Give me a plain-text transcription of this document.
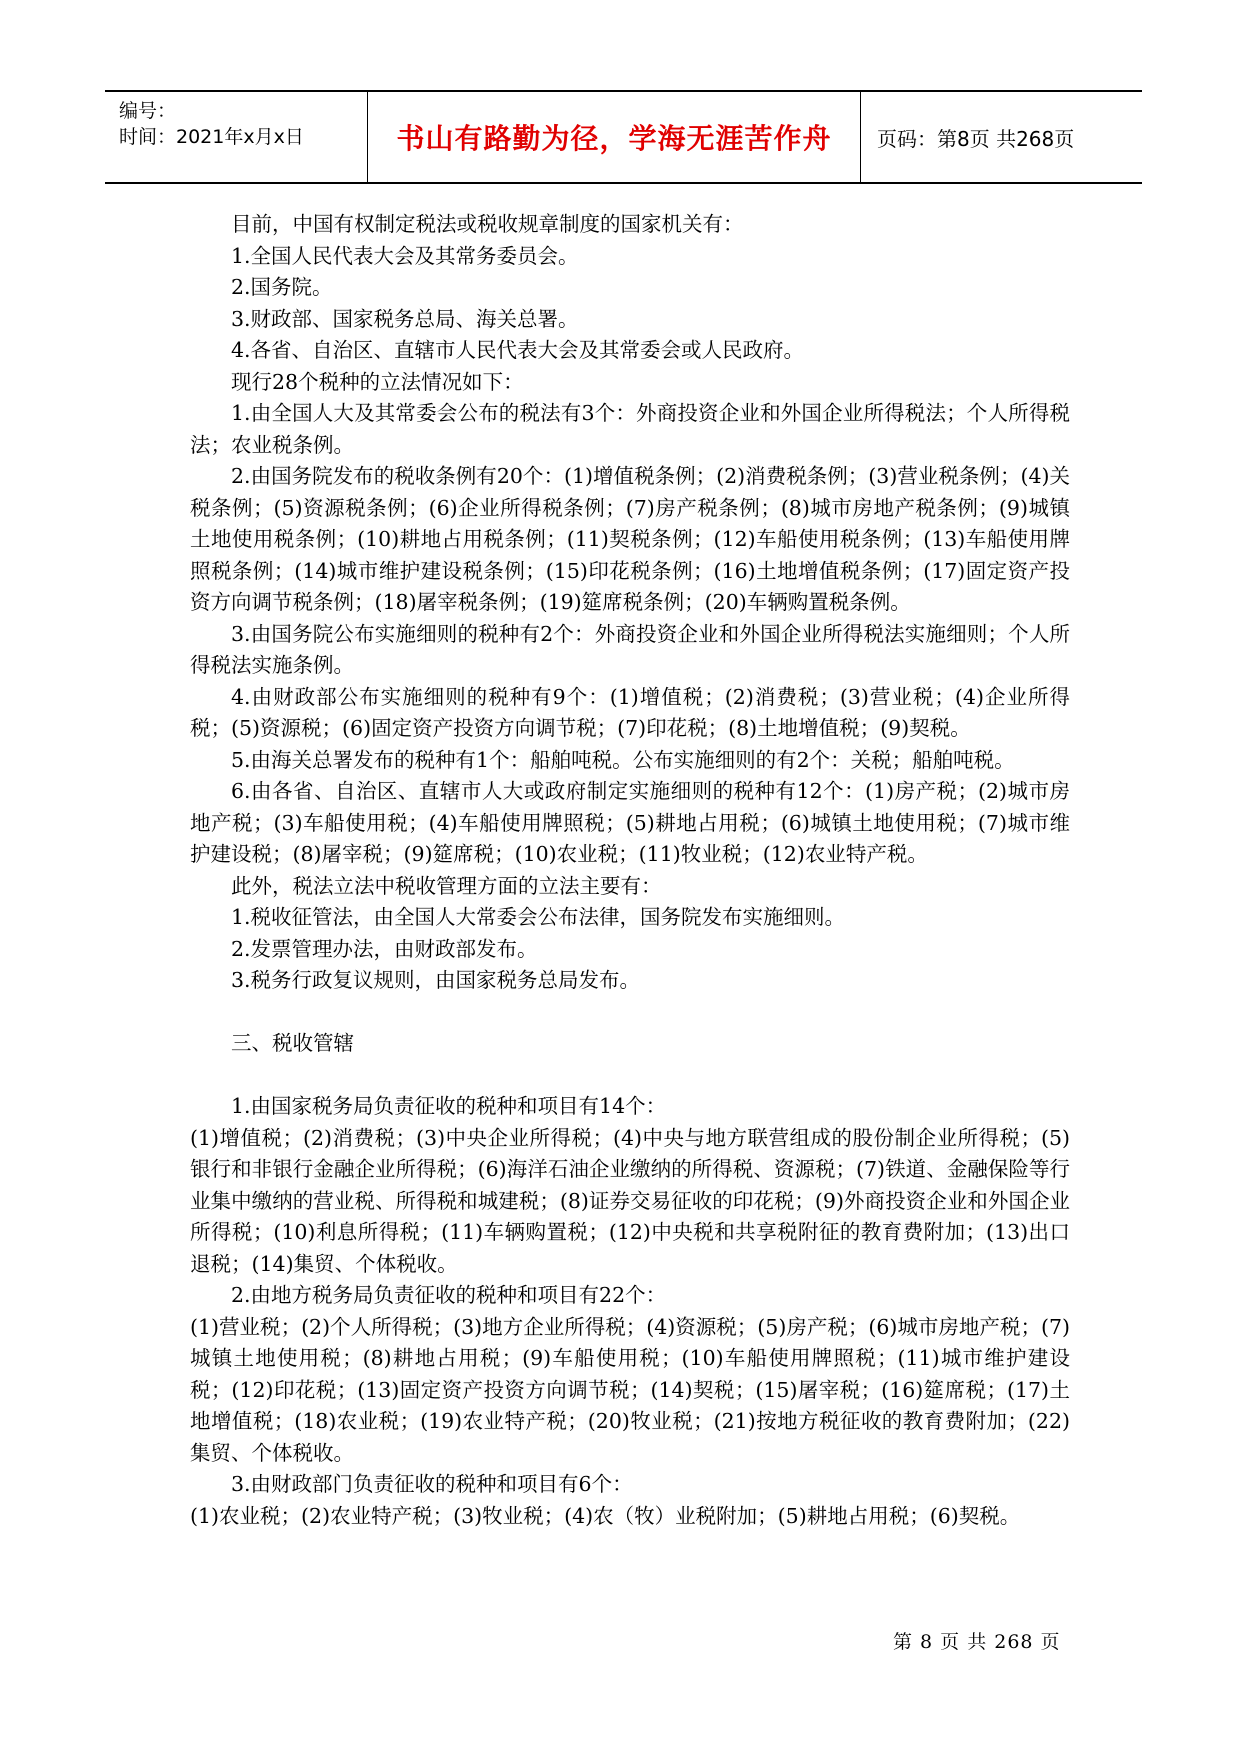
编号：
时间：2021年x月x日	书山有路勤为径，学海无涯苦作舟 页码：第8页 共268页

目前，中国有权制定税法或税收规章制度的国家机关有：

1.全国人民代表大会及其常务委员会。

2.国务院。

3.财政部、国家税务总局、海关总署。

4.各省、自治区、直辖市人民代表大会及其常委会或人民政府。

现行28个税种的立法情况如下：

1.由全国人大及其常委会公布的税法有3个：外商投资企业和外国企业所得税法；个人所得税法；农业税条例。

2.由国务院发布的税收条例有20个：(1)增值税条例；(2)消费税条例；(3)营业税条例；(4)关税条例；(5)资源税条例；(6)企业所得税条例；(7)房产税条例；(8)城市房地产税条例；(9)城镇土地使用税条例；(10)耕地占用税条例；(11)契税条例；(12)车船使用税条例；(13)车船使用牌照税条例；(14)城市维护建设税条例；(15)印花税条例；(16)土地增值税条例；(17)固定资产投资方向调节税条例；(18)屠宰税条例；(19)筵席税条例；(20)车辆购置税条例。

3.由国务院公布实施细则的税种有2个：外商投资企业和外国企业所得税法实施细则；个人所得税法实施条例。

4.由财政部公布实施细则的税种有9个：(1)增值税；(2)消费税；(3)营业税；(4)企业所得税；(5)资源税；(6)固定资产投资方向调节税；(7)印花税；(8)土地增值税；(9)契税。

5.由海关总署发布的税种有1个：船舶吨税。公布实施细则的有2个：关税；船舶吨税。

6.由各省、自治区、直辖市人大或政府制定实施细则的税种有12个：(1)房产税；(2)城市房地产税；(3)车船使用税；(4)车船使用牌照税；(5)耕地占用税；(6)城镇土地使用税；(7)城市维护建设税；(8)屠宰税；(9)筵席税；(10)农业税；(11)牧业税；(12)农业特产税。

此外，税法立法中税收管理方面的立法主要有：

1.税收征管法，由全国人大常委会公布法律，国务院发布实施细则。

2.发票管理办法，由财政部发布。

3.税务行政复议规则，由国家税务总局发布。

三、税收管辖

1.由国家税务局负责征收的税种和项目有14个：

(1)增值税；(2)消费税；(3)中央企业所得税；(4)中央与地方联营组成的股份制企业所得税；(5)银行和非银行金融企业所得税；(6)海洋石油企业缴纳的所得税、资源税；(7)铁道、金融保险等行业集中缴纳的营业税、所得税和城建税；(8)证券交易征收的印花税；(9)外商投资企业和外国企业所得税；(10)利息所得税；(11)车辆购置税；(12)中央税和共享税附征的教育费附加；(13)出口退税；(14)集贸、个体税收。

2.由地方税务局负责征收的税种和项目有22个：

(1)营业税；(2)个人所得税；(3)地方企业所得税；(4)资源税；(5)房产税；(6)城市房地产税；(7)城镇土地使用税；(8)耕地占用税；(9)车船使用税；(10)车船使用牌照税；(11)城市维护建设税；(12)印花税；(13)固定资产投资方向调节税；(14)契税；(15)屠宰税；(16)筵席税；(17)土地增值税；(18)农业税；(19)农业特产税；(20)牧业税；(21)按地方税征收的教育费附加；(22)集贸、个体税收。

3.由财政部门负责征收的税种和项目有6个：

(1)农业税；(2)农业特产税；(3)牧业税；(4)农（牧）业税附加；(5)耕地占用税；(6)契税。

第 8 页 共 268 页
